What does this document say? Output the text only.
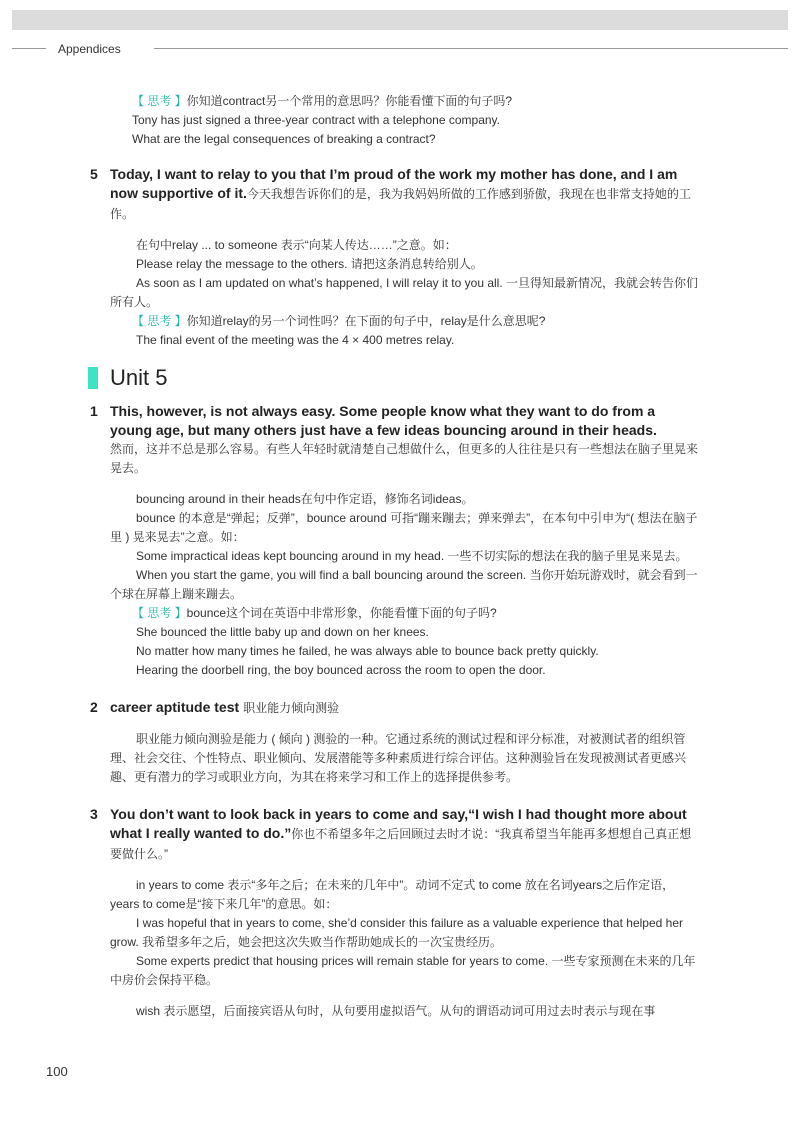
Appendices

【 思考 】你知道contract另一个常用的意思吗？你能看懂下面的句子吗?

Tony has just signed a three-year contract with a telephone company.

What are the legal consequences of breaking a contract?

5 Today, I want to relay to you that I’m proud of the work my mother has done, and I am now supportive of it.今天我想告诉你们的是，我为我妈妈所做的工作感到骄傲，我现在也非常支持她的工作。

在句中relay ... to someone 表示“向某人传达……”之意。如：

Please relay the message to the others. 请把这条消息转给别人。

As soon as I am updated on what’s happened, I will relay it to you all. 一旦得知最新情况，我就会转告你们所有人。

【 思考 】你知道relay的另一个词性吗？在下面的句子中，relay是什么意思呢?

The final event of the meeting was the 4 × 400 metres relay.

Unit 5
1 This, however, is not always easy. Some people know what they want to do from a young age, but many others just have a few ideas bouncing around in their heads.

然而，这并不总是那么容易。有些人年轻时就清楚自己想做什么，但更多的人往往是只有一些想法在脑子里晃来晃去。

bouncing around in their heads在句中作定语，修饰名词ideas。

bounce 的本意是“弹起；反弹”，bounce around 可指“蹦来蹦去；弹来弹去”，在本句中引申为“( 想法在脑子里 ) 晃来晃去”之意。如：

Some impractical ideas kept bouncing around in my head. 一些不切实际的想法在我的脑子里晃来晃去。

When you start the game, you will find a ball bouncing around the screen. 当你开始玩游戏时，就会看到一个球在屏幕上蹦来蹦去。

【 思考 】bounce这个词在英语中非常形象，你能看懂下面的句子吗?

She bounced the little baby up and down on her knees.

No matter how many times he failed, he was always able to bounce back pretty quickly.

Hearing the doorbell ring, the boy bounced across the room to open the door.

2 career aptitude test 职业能力倾向测验

职业能力倾向测验是能力 ( 倾向 ) 测验的一种。它通过系统的测试过程和评分标准，对被测试者的组织管理、社会交往、个性特点、职业倾向、发展潜能等多种素质进行综合评估。这种测验旨在发现被测试者更感兴趣、更有潜力的学习或职业方向，为其在将来学习和工作上的选择提供参考。

3 You don’t want to look back in years to come and say,“I wish I had thought more about what I really wanted to do.”你也不希望多年之后回顾过去时才说：“我真希望当年能再多想想自己真正想要做什么。”

in years to come 表示“多年之后；在未来的几年中”。动词不定式 to come 放在名词years之后作定语，years to come是“接下来几年”的意思。如：

I was hopeful that in years to come, she’d consider this failure as a valuable experience that helped her grow. 我希望多年之后，她会把这次失败当作帮助她成长的一次宝贵经历。

Some experts predict that housing prices will remain stable for years to come. 一些专家预测在未来的几年中房价会保持平稳。

wish 表示愿望，后面接宾语从句时，从句要用虚拟语气。从句的谓语动词可用过去时表示与现在事

100
